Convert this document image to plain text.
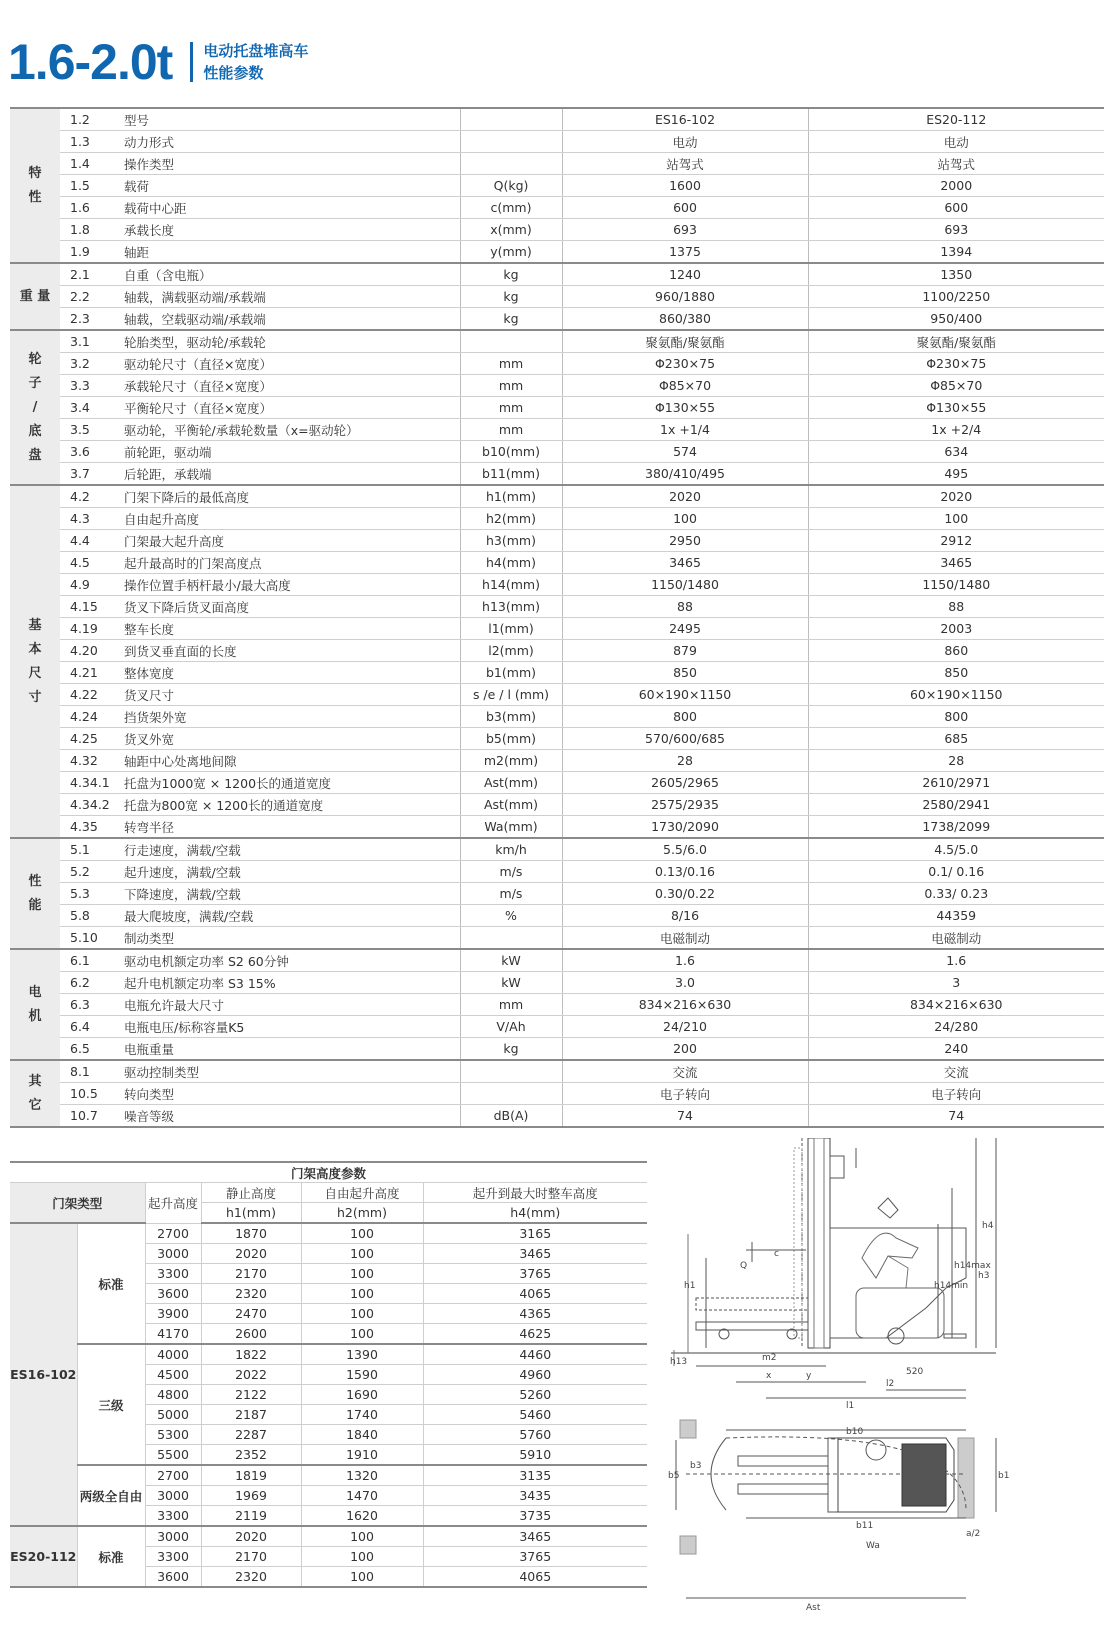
1.6-2.0t 电动托盘堆高车
性能参数
特
性	1.2	型号		ES16-102	ES20-112
	1.3	动力形式		电动	电动
	1.4	操作类型		站驾式	站驾式
	1.5	载荷	Q(kg)	1600	2000
	1.6	载荷中心距	c(mm)	600	600
	1.8	承载长度	x(mm)	693	693
	1.9	轴距	y(mm)	1375	1394
重 量	2.1	自重（含电瓶）	kg	1240	1350
	2.2	轴载，满载驱动端/承载端	kg	960/1880	1100/2250
	2.3	轴载，空载驱动端/承载端	kg	860/380	950/400
轮
子
/
底
盘	3.1	轮胎类型，驱动轮/承载轮		聚氨酯/聚氨酯	聚氨酯/聚氨酯
	3.2	驱动轮尺寸（直径×宽度）	mm	Φ230×75	Φ230×75
	3.3	承载轮尺寸（直径×宽度）	mm	Φ85×70	Φ85×70
	3.4	平衡轮尺寸（直径×宽度）	mm	Φ130×55	Φ130×55
	3.5	驱动轮，平衡轮/承载轮数量（x=驱动轮）	mm	1x +1/4	1x +2/4
	3.6	前轮距，驱动端	b10(mm)	574	634
	3.7	后轮距，承载端	b11(mm)	380/410/495	495
基
本
尺
寸	4.2	门架下降后的最低高度	h1(mm)	2020	2020
	4.3	自由起升高度	h2(mm)	100	100
	4.4	门架最大起升高度	h3(mm)	2950	2912
	4.5	起升最高时的门架高度点	h4(mm)	3465	3465
	4.9	操作位置手柄杆最小/最大高度	h14(mm)	1150/1480	1150/1480
	4.15	货叉下降后货叉面高度	h13(mm)	88	88
	4.19	整车长度	l1(mm)	2495	2003
	4.20	到货叉垂直面的长度	l2(mm)	879	860
	4.21	整体宽度	b1(mm)	850	850
	4.22	货叉尺寸	s /e / l (mm)	60×190×1150	60×190×1150
	4.24	挡货架外宽	b3(mm)	800	800
	4.25	货叉外宽	b5(mm)	570/600/685	685
	4.32	轴距中心处离地间隙	m2(mm)	28	28
	4.34.1	托盘为1000宽 × 1200长的通道宽度	Ast(mm)	2605/2965	2610/2971
	4.34.2	托盘为800宽 × 1200长的通道宽度	Ast(mm)	2575/2935	2580/2941
	4.35	转弯半径	Wa(mm)	1730/2090	1738/2099
性
能	5.1	行走速度，满载/空载	km/h	5.5/6.0	4.5/5.0
	5.2	起升速度，满载/空载	m/s	0.13/0.16	0.1/ 0.16
	5.3	下降速度，满载/空载	m/s	0.30/0.22	0.33/ 0.23
	5.8	最大爬坡度，满载/空载	%	8/16	44359
	5.10	制动类型		电磁制动	电磁制动
电
机	6.1	驱动电机额定功率 S2 60分钟	kW	1.6	1.6
	6.2	起升电机额定功率 S3 15%	kW	3.0	3
	6.3	电瓶允许最大尺寸	mm	834×216×630	834×216×630
	6.4	电瓶电压/标称容量K5	V/Ah	24/210	24/280
	6.5	电瓶重量	kg	200	240
其
它	8.1	驱动控制类型		交流	交流
	10.5	转向类型		电子转向	电子转向
	10.7	噪音等级	dB(A)	74	74
门架高度参数					
门架类型		起升高度	静止高度	自由起升高度	起升到最大时整车高度
			h1(mm)	h2(mm)	h4(mm)
ES16-102	标准	2700	1870	100	3165
		3000	2020	100	3465
		3300	2170	100	3765
		3600	2320	100	4065
		3900	2470	100	4365
		4170	2600	100	4625
	三级	4000	1822	1390	4460
		4500	2022	1590	4960
		4800	2122	1690	5260
		5000	2187	1740	5460
		5300	2287	1840	5760
		5500	2352	1910	5910
	两级全自由	2700	1819	1320	3135
		3000	1969	1470	3435
		3300	2119	1620	3735
ES20-112	标准	3000	2020	100	3465
		3300	2170	100	3765
		3600	2320	100	4065
c
Q
x	y
l2
l1
h1
h3
h4
h13
h14max
h14min
m2
520
b1
b5
b3
b10
b11
Ast
Wa
a/2
